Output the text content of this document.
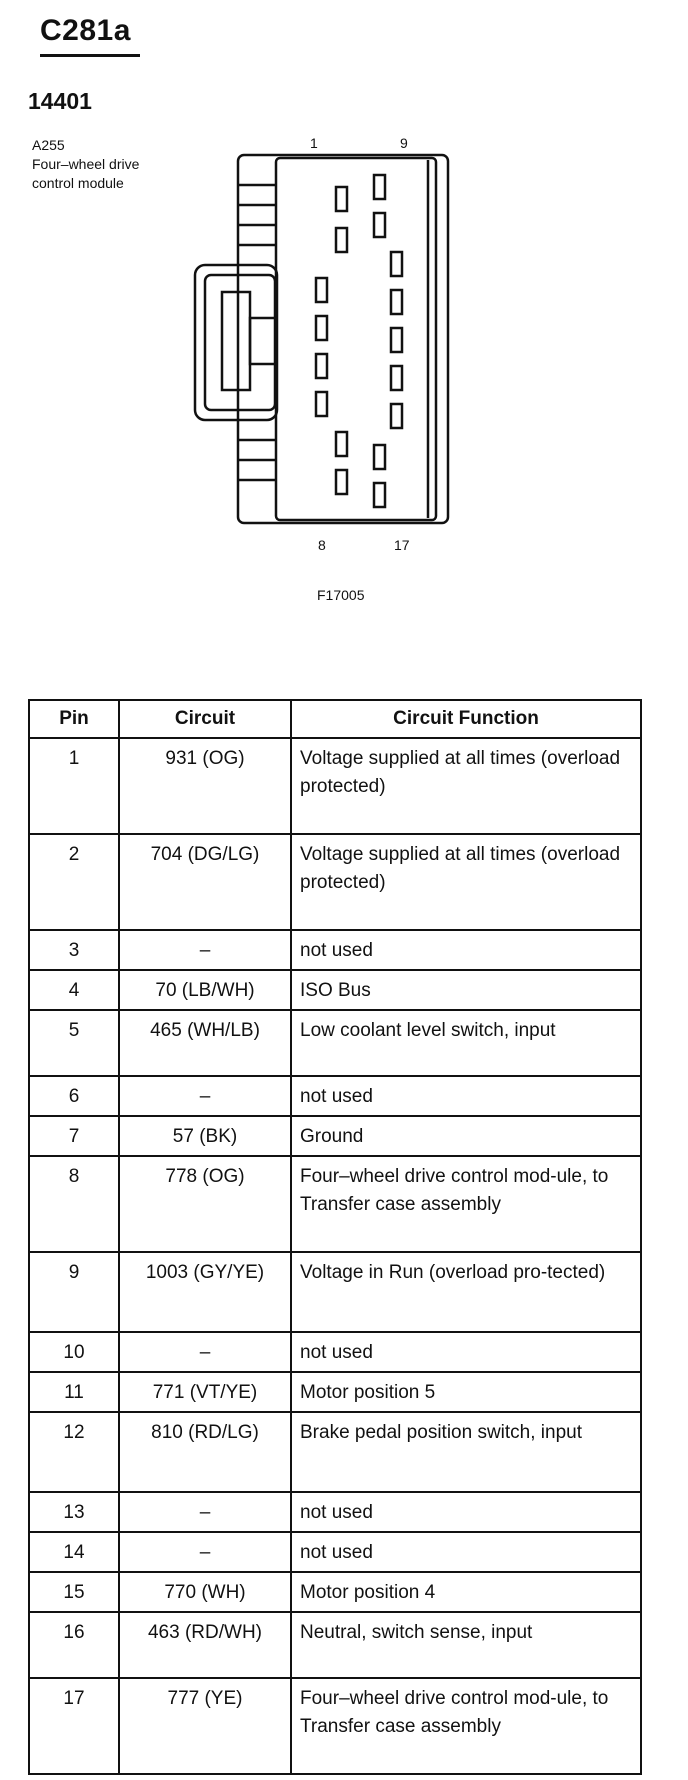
C281a
14401
A255
Four–wheel drive
control module
1	9
8	17
F17005
Pin	Circuit	Circuit Function
1	931 (OG)	Voltage supplied at all times (overload protected)
2	704 (DG/LG)	Voltage supplied at all times (overload protected)
3	–	not used
4	70 (LB/WH)	ISO Bus
5	465 (WH/LB)	Low coolant level switch, input
6	–	not used
7	57 (BK)	Ground
8	778 (OG)	Four–wheel drive control mod-ule, to Transfer case assembly
9	1003 (GY/YE)	Voltage in Run (overload pro-tected)
10	–	not used
11	771 (VT/YE)	Motor position 5
12	810 (RD/LG)	Brake pedal position switch, input
13	–	not used
14	–	not used
15	770 (WH)	Motor position 4
16	463 (RD/WH)	Neutral, switch sense, input
17	777 (YE)	Four–wheel drive control mod-ule, to Transfer case assembly
